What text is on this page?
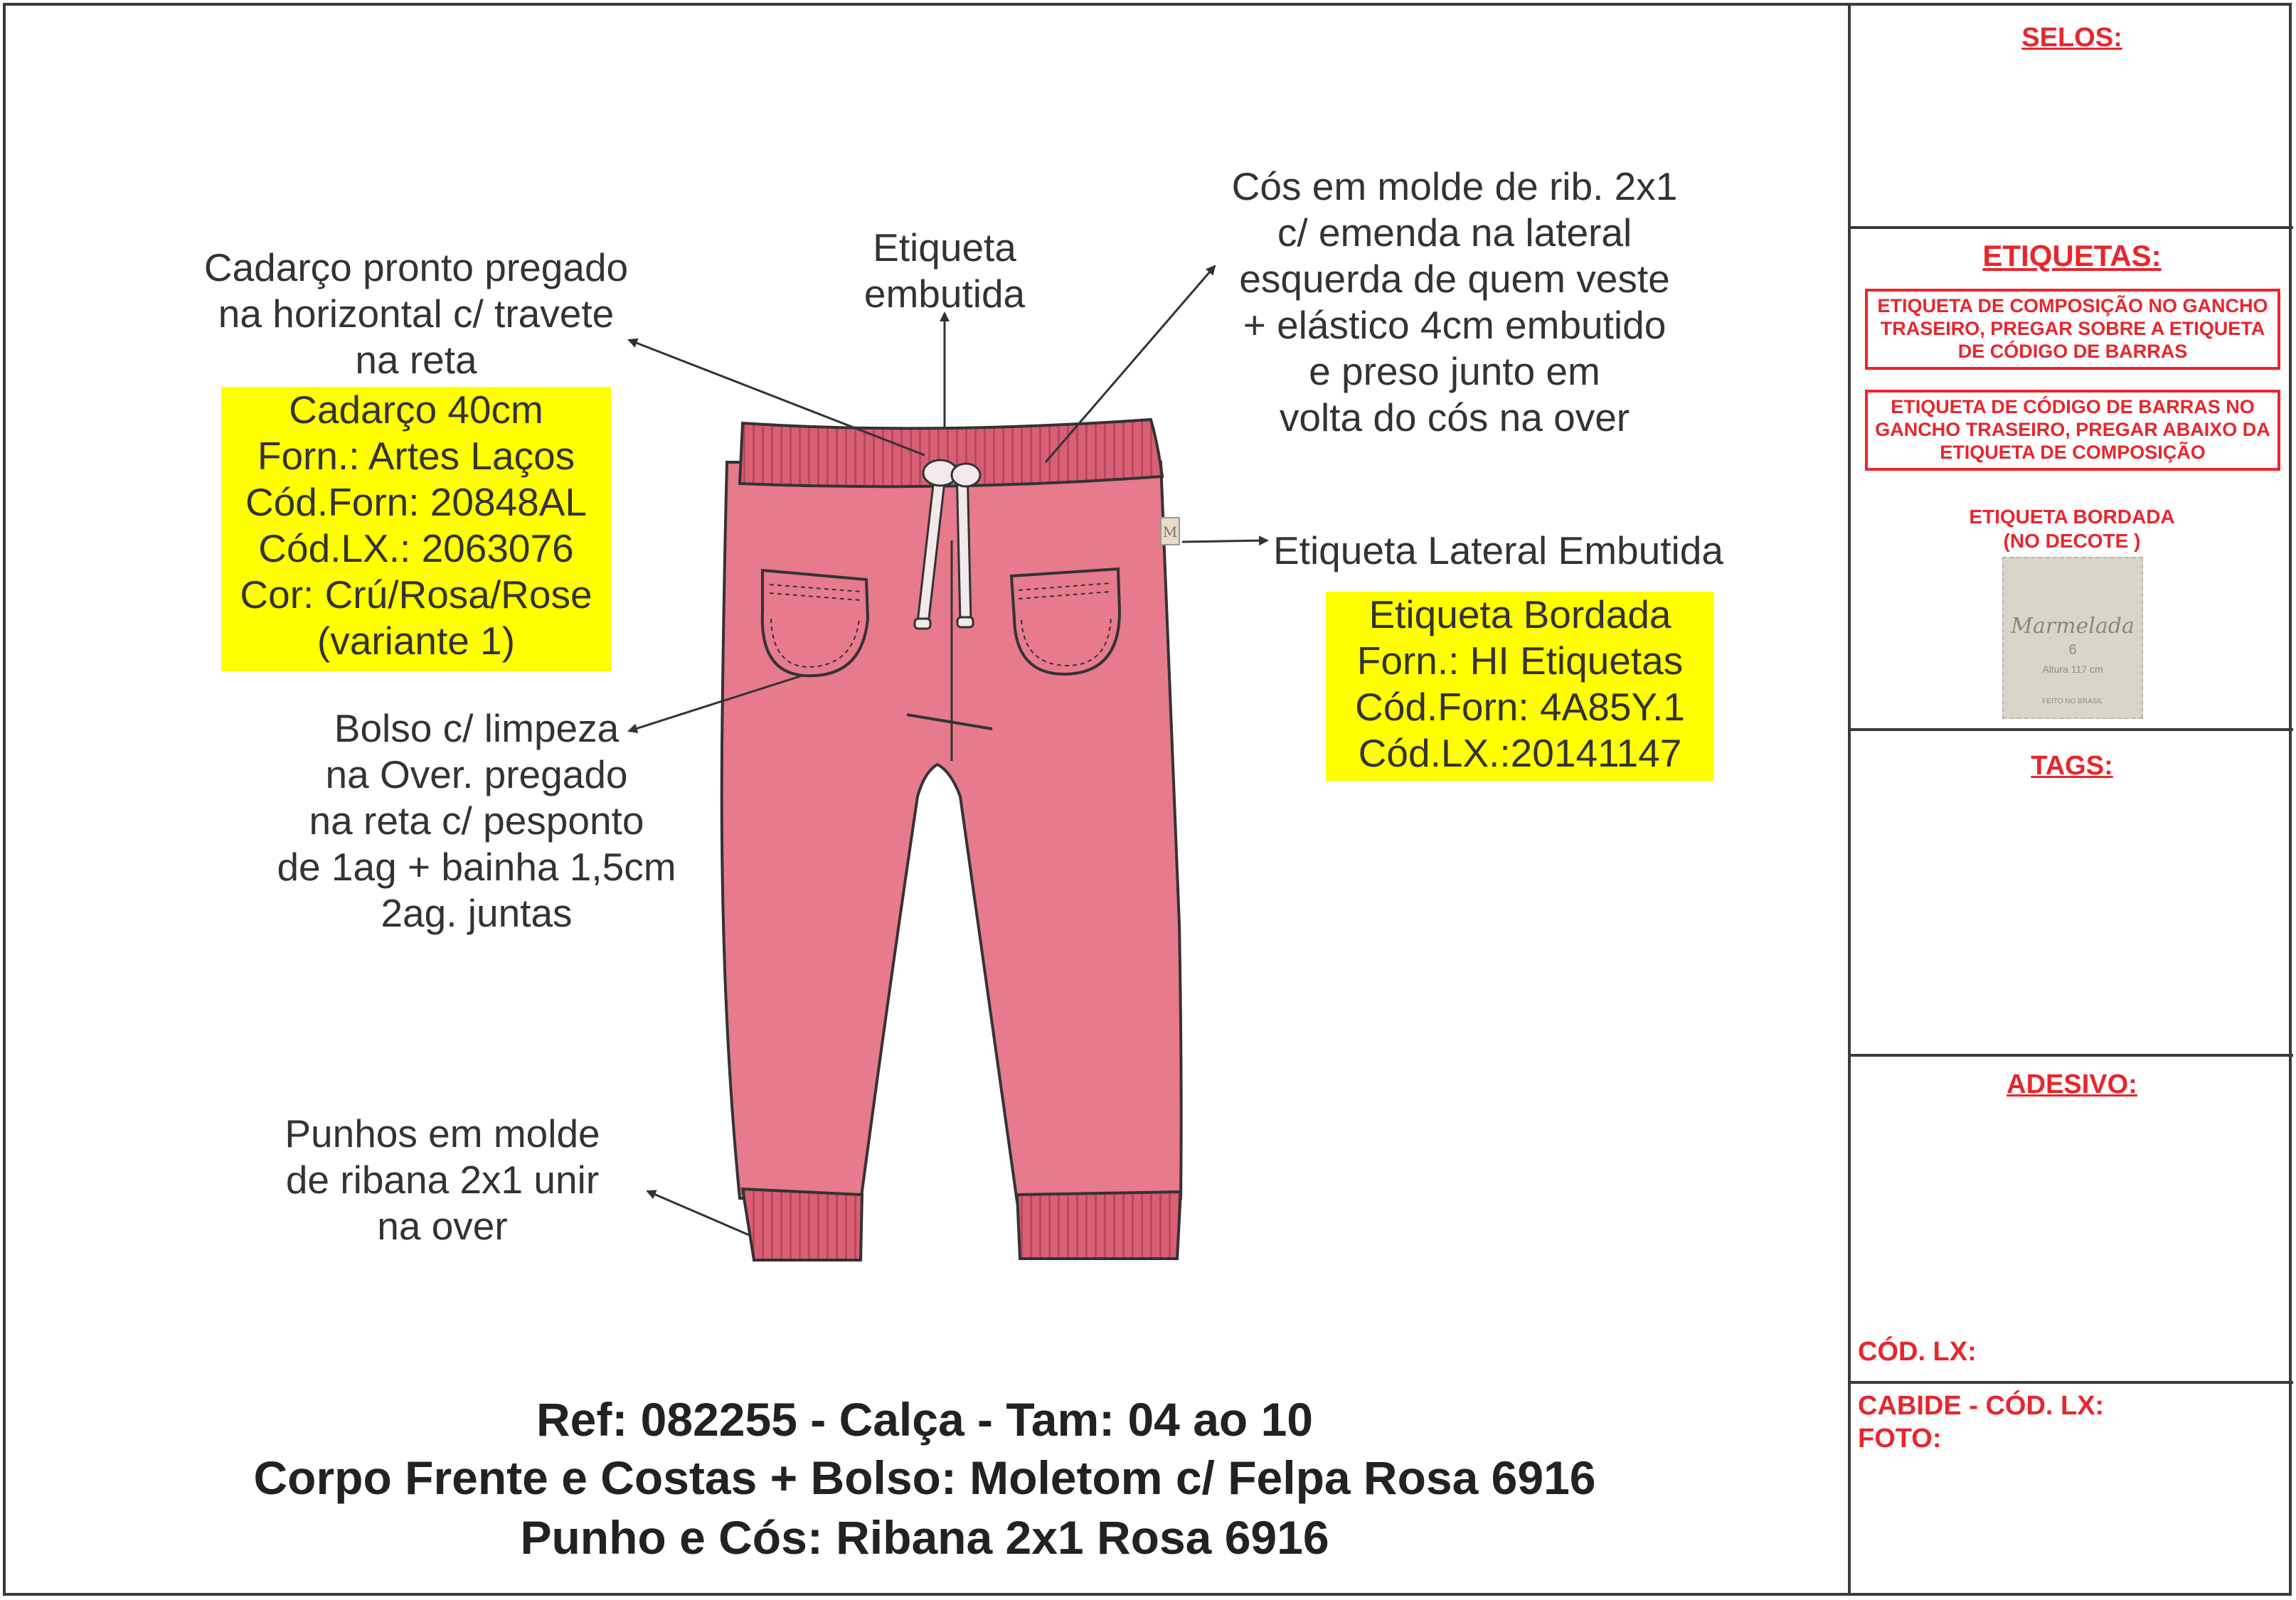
M
Cadarço pronto pregado
na horizontal c/ travete
na reta
Cadarço 40cm
Forn.: Artes Laços
Cód.Forn: 20848AL
Cód.LX.: 2063076
Cor: Crú/Rosa/Rose
(variante 1)
Etiqueta
embutida
Cós em molde de rib. 2x1
c/ emenda na lateral
esquerda de quem veste
+ elástico 4cm embutido
e preso junto em
volta do cós na over
Etiqueta Lateral Embutida
Etiqueta Bordada
Forn.: HI Etiquetas
Cód.Forn: 4A85Y.1
Cód.LX.:20141147
Bolso c/ limpeza
na Over. pregado
na reta c/ pesponto
de 1ag + bainha 1,5cm
2ag. juntas
Punhos em molde
de ribana 2x1 unir
na over
Ref: 082255 - Calça - Tam: 04 ao 10
Corpo Frente e Costas + Bolso: Moletom c/ Felpa Rosa 6916
Punho e Cós: Ribana 2x1 Rosa 6916
SELOS:
ETIQUETAS:
ETIQUETA DE COMPOSIÇÃO NO GANCHO TRASEIRO, PREGAR SOBRE A ETIQUETA DE CÓDIGO DE BARRAS
ETIQUETA DE CÓDIGO DE BARRAS NO GANCHO TRASEIRO, PREGAR ABAIXO DA ETIQUETA DE COMPOSIÇÃO
ETIQUETA BORDADA
(NO DECOTE )
Marmelada
6
Altura 117 cm
FEITO NO BRASIL
TAGS:
ADESIVO:
CÓD. LX:
CABIDE - CÓD. LX:
FOTO:
